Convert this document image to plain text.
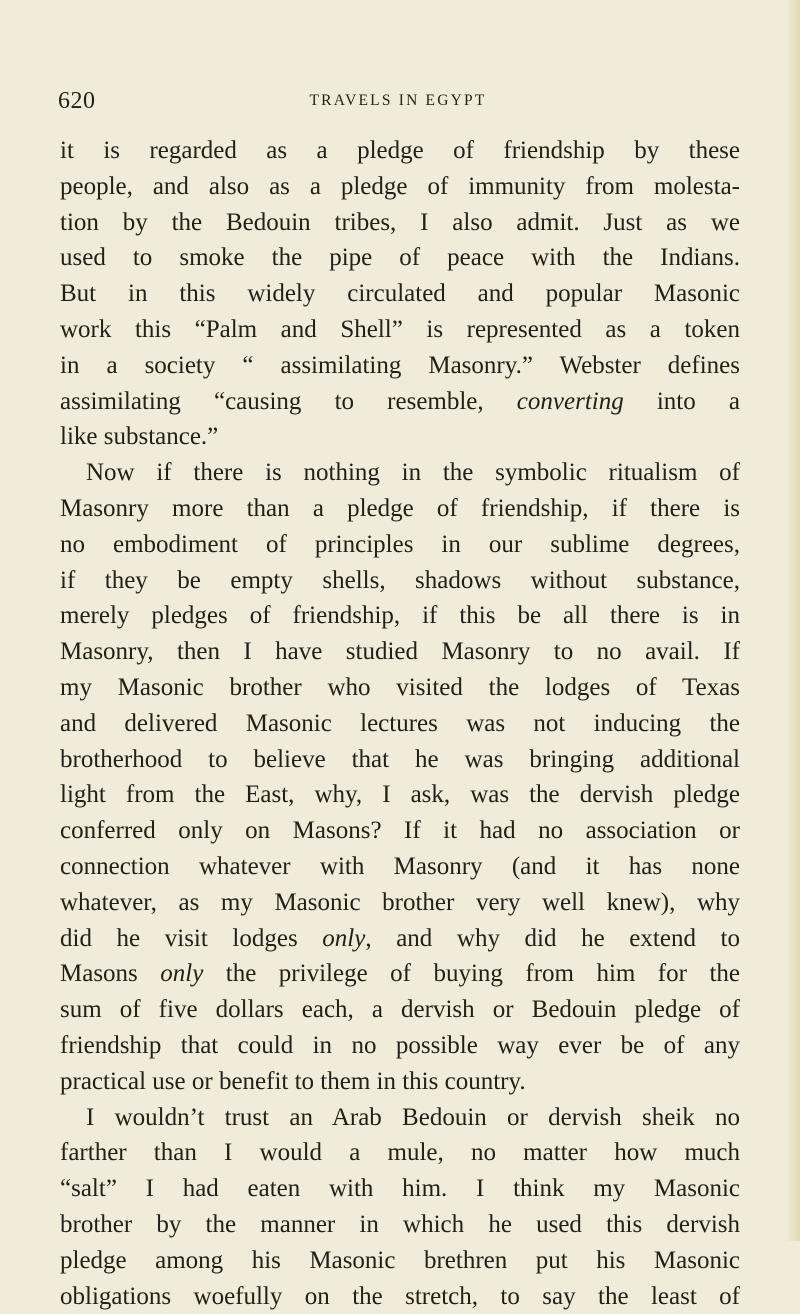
620	TRAVELS IN EGYPT
it is regarded as a pledge of friendship by these
people, and also as a pledge of immunity from molesta-
tion by the Bedouin tribes, I also admit. Just as we
used to smoke the pipe of peace with the Indians.
But in this widely circulated and popular Masonic
work this “Palm and Shell” is represented as a token
in a society “ assimilating Masonry.” Webster defines
assimilating “causing to resemble, converting into a
like substance.”
Now if there is nothing in the symbolic ritualism of
Masonry more than a pledge of friendship, if there is
no embodiment of principles in our sublime degrees,
if they be empty shells, shadows without substance,
merely pledges of friendship, if this be all there is in
Masonry, then I have studied Masonry to no avail. If
my Masonic brother who visited the lodges of Texas
and delivered Masonic lectures was not inducing the
brotherhood to believe that he was bringing additional
light from the East, why, I ask, was the dervish pledge
conferred only on Masons? If it had no association or
connection whatever with Masonry (and it has none
whatever, as my Masonic brother very well knew), why
did he visit lodges only, and why did he extend to
Masons only the privilege of buying from him for the
sum of five dollars each, a dervish or Bedouin pledge of
friendship that could in no possible way ever be of any
practical use or benefit to them in this country.
I wouldn’t trust an Arab Bedouin or dervish sheik no
farther than I would a mule, no matter how much
“salt” I had eaten with him. I think my Masonic
brother by the manner in which he used this dervish
pledge among his Masonic brethren put his Masonic
obligations woefully on the stretch, to say the least of
